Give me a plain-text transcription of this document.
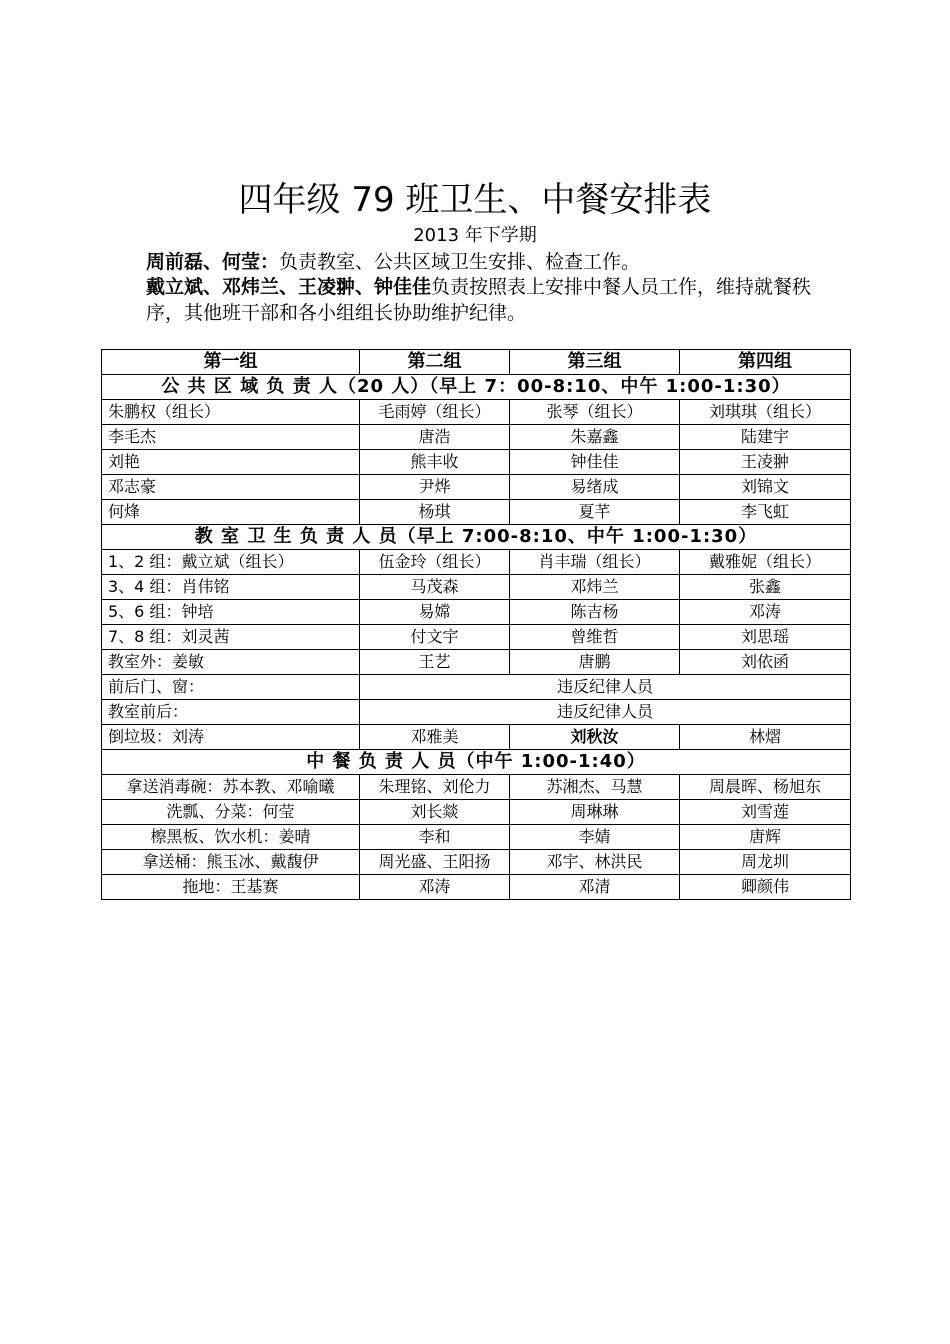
四年级 79 班卫生、中餐安排表
2013 年下学期
周前磊、何莹：负责教室、公共区域卫生安排、检查工作。
戴立斌、邓炜兰、王凌翀、钟佳佳负责按照表上安排中餐人员工作，维持就餐秩序，其他班干部和各小组组长协助维护纪律。
第一组	第二组	第三组	第四组
公 共 区 域 负 责 人（20 人）（早上 7：00-8:10、中午 1:00-1:30）			
朱鹏权（组长）	毛雨婷（组长）	张琴（组长）	刘琪琪（组长）
李毛杰	唐浩	朱嘉鑫	陆建宇
刘艳	熊丰收	钟佳佳	王凌翀
邓志豪	尹烨	易绪成	刘锦文
何烽	杨琪	夏芊	李飞虹
教 室 卫 生 负 责 人 员（早上 7:00-8:10、中午 1:00-1:30）			
1、2 组：戴立斌（组长）	伍金玲（组长）	肖丰瑞（组长）	戴雅妮（组长）
3、4 组：肖伟铭	马茂森	邓炜兰	张鑫
5、6 组：钟培	易嫦	陈吉杨	邓涛
7、8 组：刘灵茜	付文宇	曾维哲	刘思瑶
教室外：姜敏	王艺	唐鹏	刘依函
前后门、窗：	违反纪律人员		
教室前后：	违反纪律人员		
倒垃圾：刘涛	邓雅美	刘秋汝	林熠
中 餐 负 责 人 员（中午 1:00-1:40）			
拿送消毒碗：苏本教、邓喻曦	朱理铭、刘伦力	苏湘杰、马慧	周晨晖、杨旭东
洗瓢、分菜：何莹	刘长燚	周琳琳	刘雪莲
檫黑板、饮水机：姜晴	李和	李婧	唐辉
拿送桶：熊玉冰、戴馥伊	周光盛、王阳扬	邓宇、林洪民	周龙圳
拖地：王基赛	邓涛	邓清	卿颜伟
